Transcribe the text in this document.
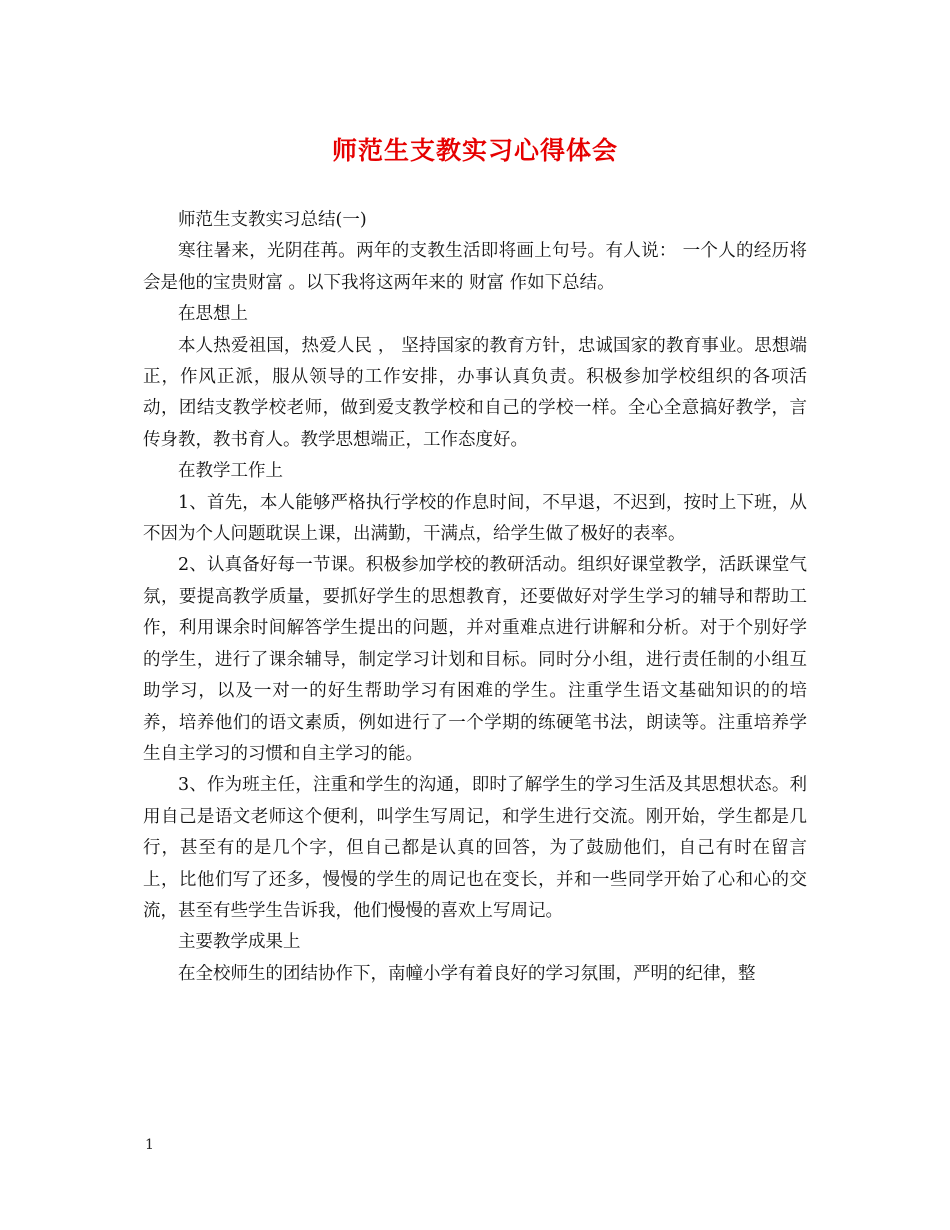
师范生支教实习心得体会

师范生支教实习总结(一)

寒往暑来，光阴荏苒。两年的支教生活即将画上句号。有人说： 一个人的经历将会是他的宝贵财富 。以下我将这两年来的 财富 作如下总结。

在思想上

本人热爱祖国，热爱人民 ， 坚持国家的教育方针，忠诚国家的教育事业。思想端正，作风正派，服从领导的工作安排，办事认真负责。积极参加学校组织的各项活动，团结支教学校老师，做到爱支教学校和自己的学校一样。全心全意搞好教学，言传身教，教书育人。教学思想端正，工作态度好。

在教学工作上

1、首先，本人能够严格执行学校的作息时间，不早退，不迟到，按时上下班，从不因为个人问题耽误上课，出满勤，干满点，给学生做了极好的表率。

2、认真备好每一节课。积极参加学校的教研活动。组织好课堂教学，活跃课堂气氛，要提高教学质量，要抓好学生的思想教育，还要做好对学生学习的辅导和帮助工作，利用课余时间解答学生提出的问题，并对重难点进行讲解和分析。对于个别好学的学生，进行了课余辅导，制定学习计划和目标。同时分小组，进行责任制的小组互助学习，以及一对一的好生帮助学习有困难的学生。注重学生语文基础知识的的培养，培养他们的语文素质，例如进行了一个学期的练硬笔书法，朗读等。注重培养学生自主学习的习惯和自主学习的能。

3、作为班主任，注重和学生的沟通，即时了解学生的学习生活及其思想状态。利用自己是语文老师这个便利，叫学生写周记，和学生进行交流。刚开始，学生都是几行，甚至有的是几个字，但自己都是认真的回答，为了鼓励他们，自己有时在留言上，比他们写了还多，慢慢的学生的周记也在变长，并和一些同学开始了心和心的交流，甚至有些学生告诉我，他们慢慢的喜欢上写周记。

主要教学成果上

在全校师生的团结协作下，南幢小学有着良好的学习氛围，严明的纪律，整

1
